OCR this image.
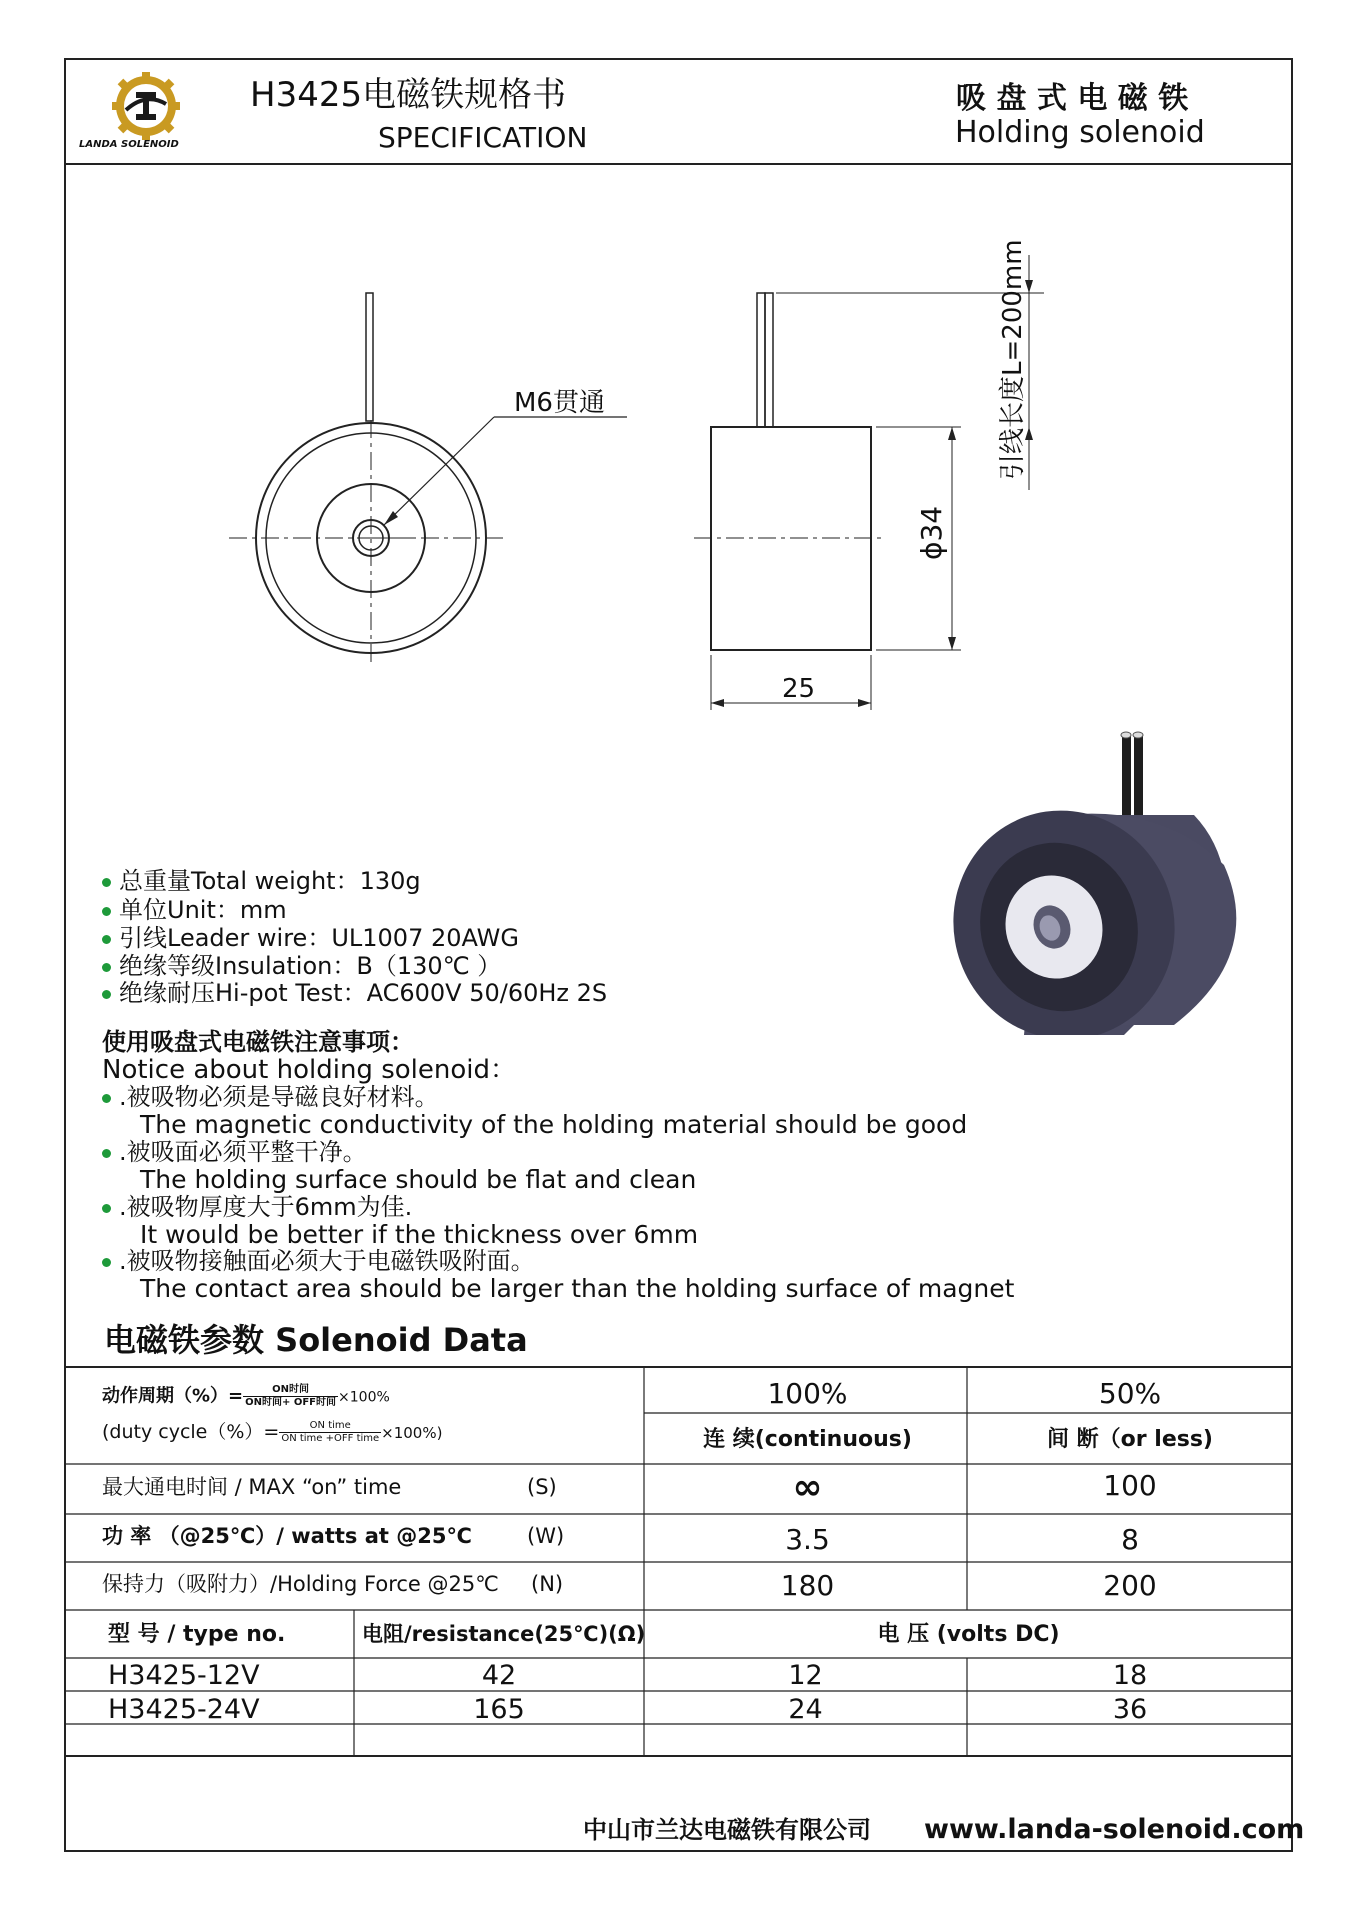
LANDA SOLENOID
H3425电磁铁规格书
SPECIFICATION
吸 盘 式 电 磁 铁
Holding solenoid
M6贯通
25
ϕ34
引线长度L=200mm
总重量Total weight：130g
单位Unit：mm
引线Leader wire：UL1007 20AWG
绝缘等级Insulation：B（130℃ ）
绝缘耐压Hi-pot Test：AC600V 50/60Hz 2S
使用吸盘式电磁铁注意事项：
Notice about holding solenoid：
.被吸物必须是导磁良好材料。
The magnetic conductivity of the holding material should be good
.被吸面必须平整干净。
The holding surface should be flat and clean
.被吸物厚度大于6mm为佳.
It would be better if the thickness over 6mm
.被吸物接触面必须大于电磁铁吸附面。
The contact area should be larger than the holding surface of magnet
电磁铁参数 Solenoid Data
动作周期（%）= $\frac{\text{ON时间}}{\text{ON时间+ OFF时间}} \times 100\%$
(duty cycle（%）= $\frac{\text{ON time}}{\text{ON time +OFF time}} \times 100\%$)
100%	50%
连 续(continuous)	间 断（or less)
最大通电时间 / MAX “on” time	(S)	∞	100
功 率 （@25℃）/ watts at @25℃	(W)	3.5	8
保持力（吸附力）/Holding Force @25℃ (N)	180	200
型 号 / type no.	电阻/resistance(25℃)(Ω)	电 压 (volts DC)
H3425-12V	42	12	18
H3425-24V	165	24	36
中山市兰达电磁铁有限公司 www.landa-solenoid.com
